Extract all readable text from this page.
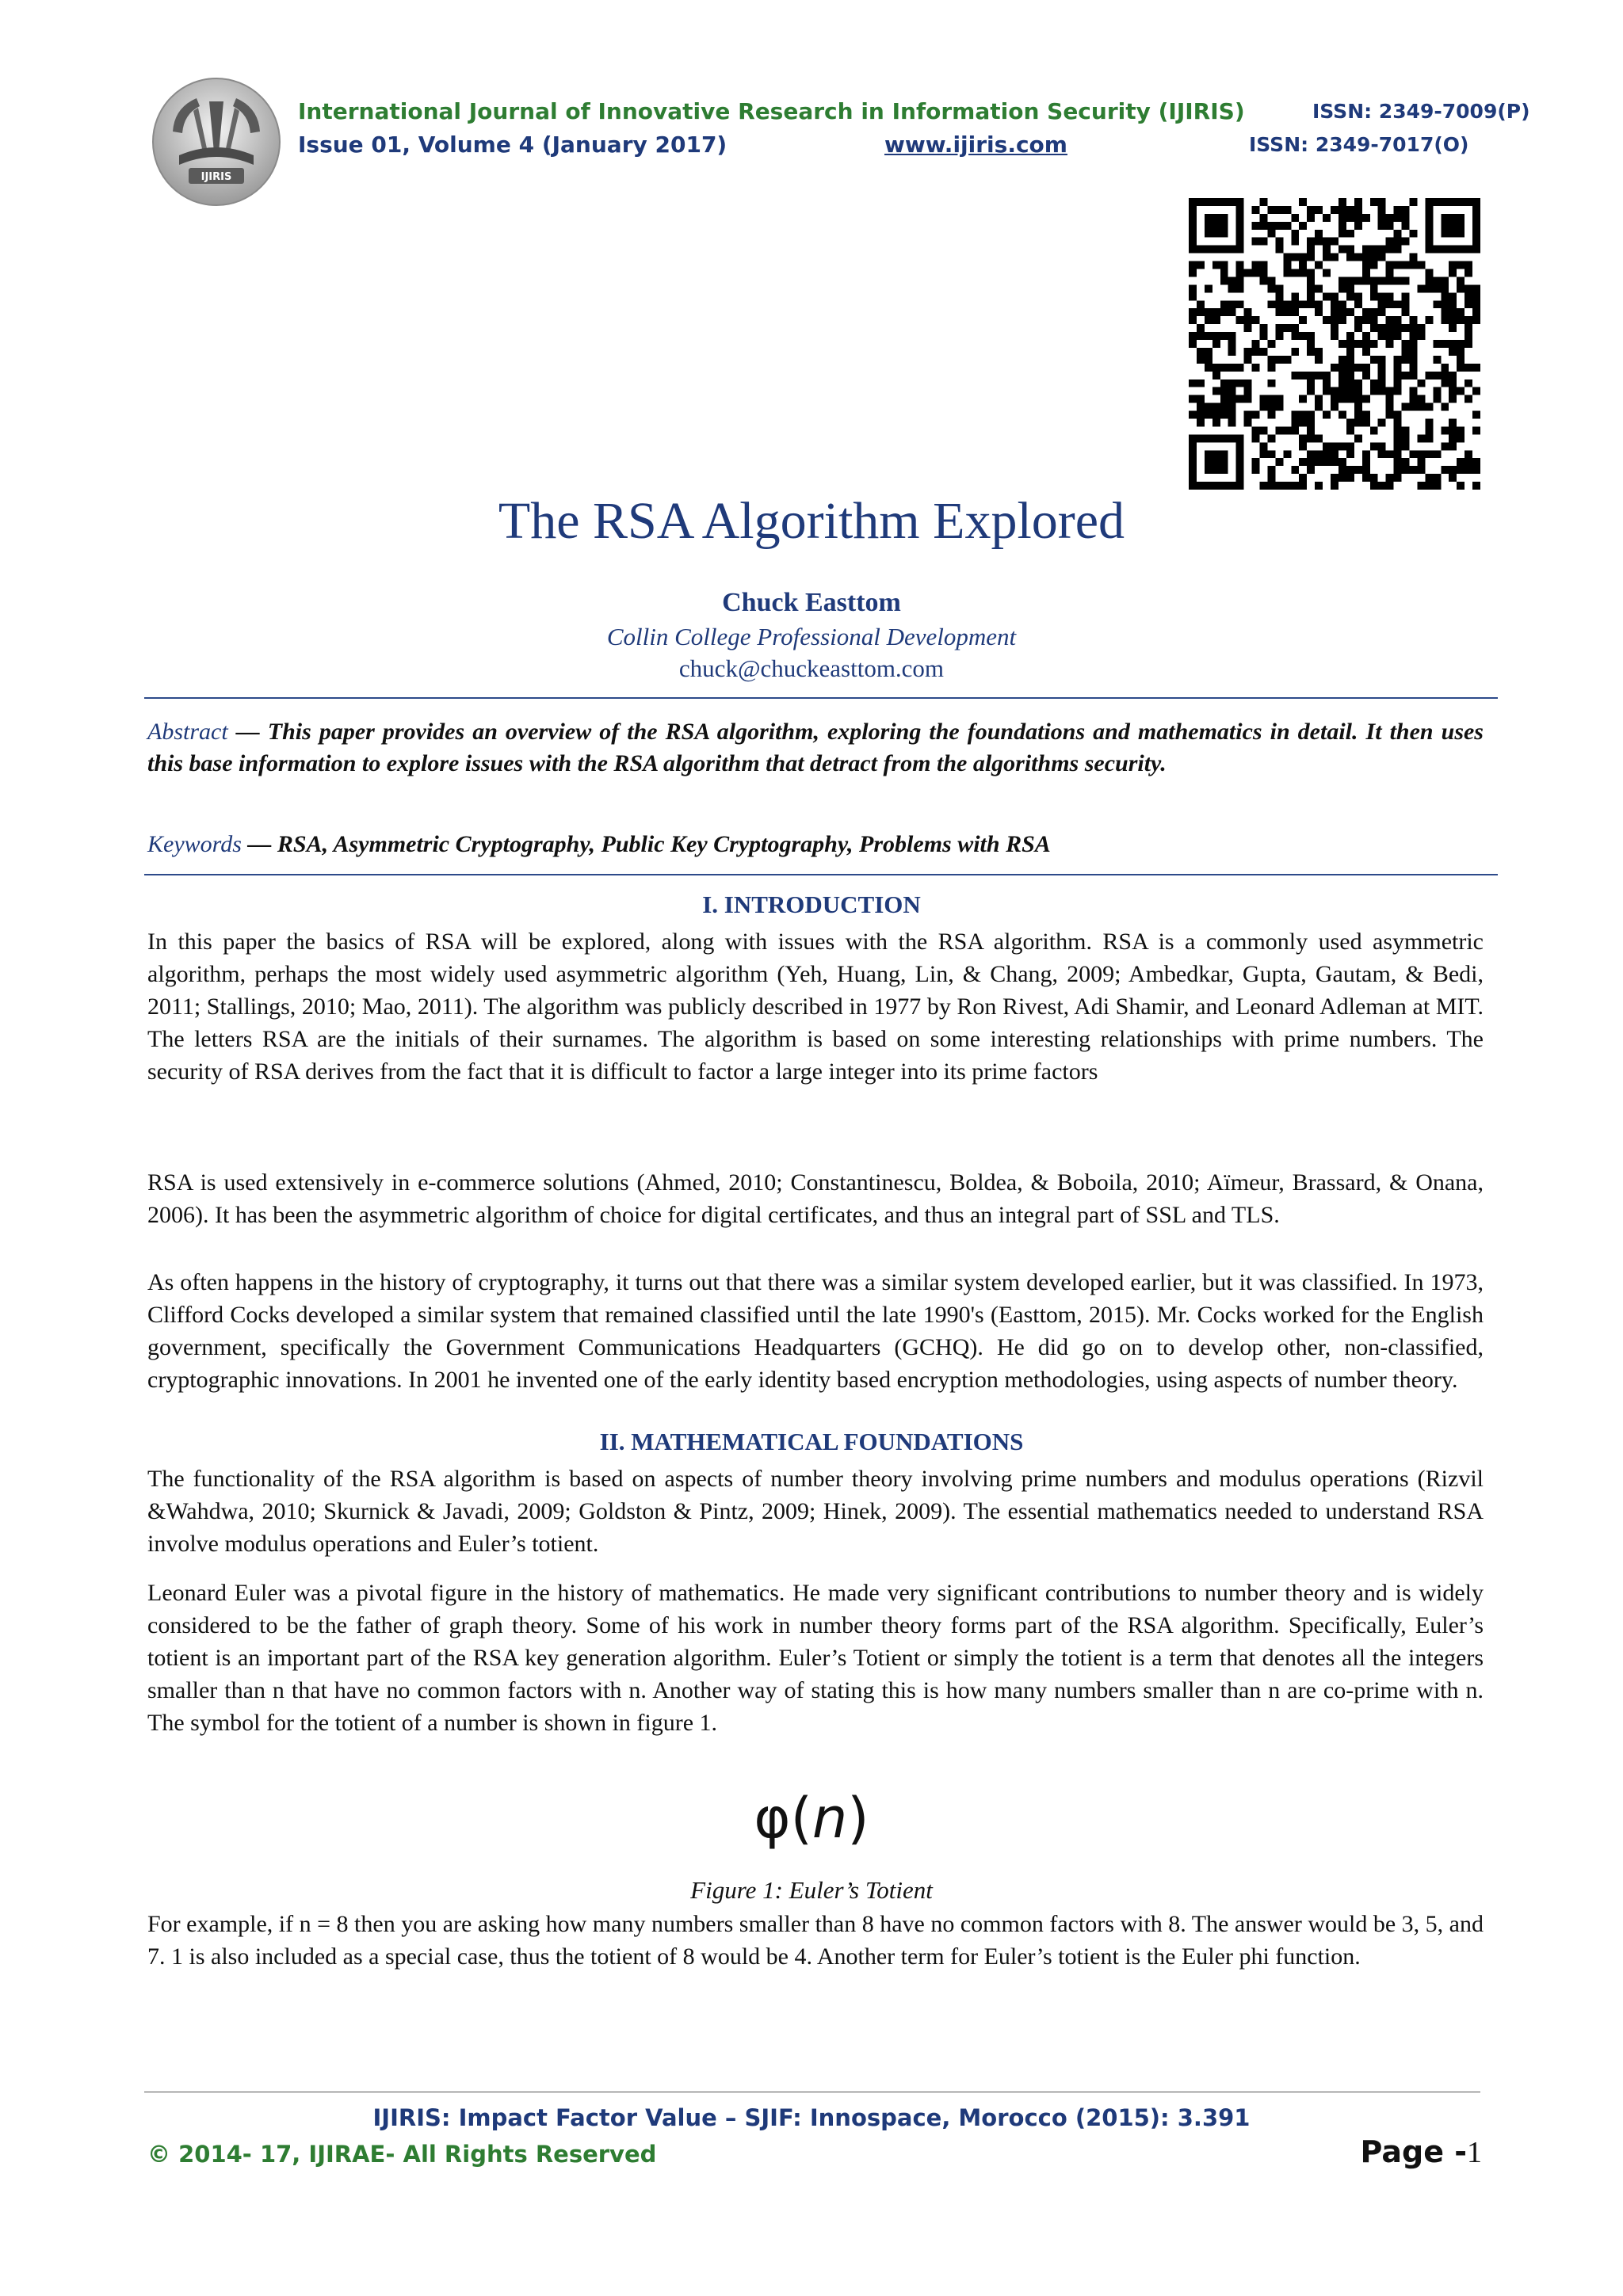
IJIRIS
International Journal of Innovative Research in Information Security (IJIRIS)	ISSN: 2349-7009(P)
Issue 01, Volume 4 (January 2017)	www.ijiris.com	ISSN: 2349-7017(O)
The RSA Algorithm Explored
Chuck Easttom
Collin College Professional Development
chuck@chuckeasttom.com
Abstract — This paper provides an overview of the RSA algorithm, exploring the foundations and mathematics in detail. It then uses this base information to explore issues with the RSA algorithm that detract from the algorithms security.
Keywords — RSA, Asymmetric Cryptography, Public Key Cryptography, Problems with RSA
I. INTRODUCTION
In this paper the basics of RSA will be explored, along with issues with the RSA algorithm. RSA is a commonly used asymmetric algorithm, perhaps the most widely used asymmetric algorithm (Yeh, Huang, Lin, & Chang, 2009; Ambedkar, Gupta, Gautam, & Bedi, 2011; Stallings, 2010; Mao, 2011). The algorithm was publicly described in 1977 by Ron Rivest, Adi Shamir, and Leonard Adleman at MIT. The letters RSA are the initials of their surnames. The algorithm is based on some interesting relationships with prime numbers. The security of RSA derives from the fact that it is difficult to factor a large integer into its prime factors
RSA is used extensively in e-commerce solutions (Ahmed, 2010; Constantinescu, Boldea, & Boboila, 2010; Aïmeur, Brassard, & Onana, 2006). It has been the asymmetric algorithm of choice for digital certificates, and thus an integral part of SSL and TLS.
As often happens in the history of cryptography, it turns out that there was a similar system developed earlier, but it was classified. In 1973, Clifford Cocks developed a similar system that remained classified until the late 1990's (Easttom, 2015). Mr. Cocks worked for the English government, specifically the Government Communications Headquarters (GCHQ). He did go on to develop other, non-classified, cryptographic innovations. In 2001 he invented one of the early identity based encryption methodologies, using aspects of number theory.
II. MATHEMATICAL FOUNDATIONS
The functionality of the RSA algorithm is based on aspects of number theory involving prime numbers and modulus operations (Rizvil &Wahdwa, 2010; Skurnick & Javadi, 2009; Goldston & Pintz, 2009; Hinek, 2009). The essential mathematics needed to understand RSA involve modulus operations and Euler’s totient.
Leonard Euler was a pivotal figure in the history of mathematics. He made very significant contributions to number theory and is widely considered to be the father of graph theory. Some of his work in number theory forms part of the RSA algorithm. Specifically, Euler’s totient is an important part of the RSA key generation algorithm. Euler’s Totient or simply the totient is a term that denotes all the integers smaller than n that have no common factors with n. Another way of stating this is how many numbers smaller than n are co-prime with n. The symbol for the totient of a number is shown in figure 1.
φ(n)
Figure 1: Euler’s Totient
For example, if n = 8 then you are asking how many numbers smaller than 8 have no common factors with 8. The answer would be 3, 5, and 7. 1 is also included as a special case, thus the totient of 8 would be 4. Another term for Euler’s totient is the Euler phi function.
IJIRIS: Impact Factor Value – SJIF: Innospace, Morocco (2015): 3.391
© 2014- 17, IJIRAE- All Rights Reserved	Page -1
